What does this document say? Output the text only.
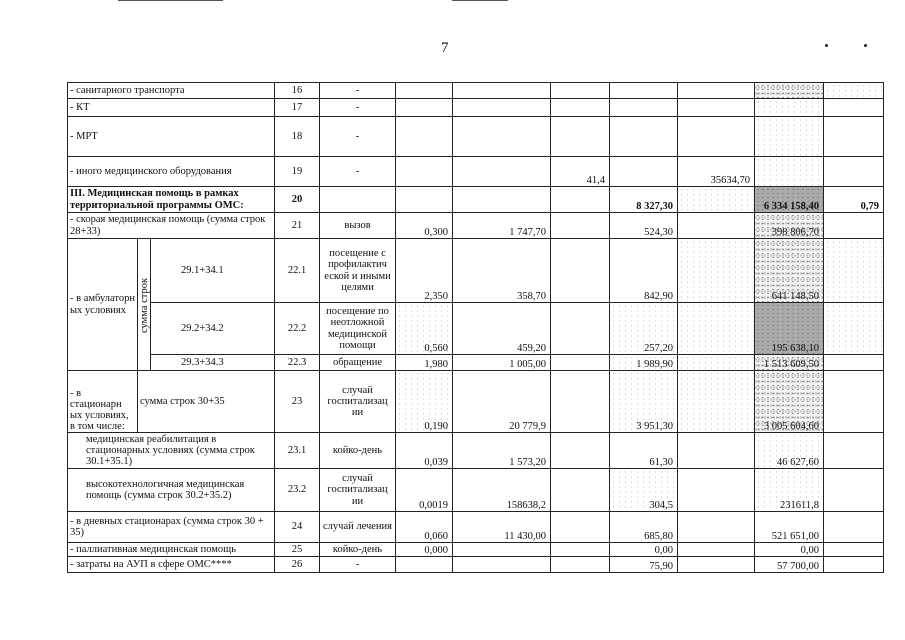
7
- санитарного транспорта			16	-							
- КТ			17	-							
- МРТ			18	-							
- иного медицинского оборудования			19	-			41,4		35634,70		
III. Медицинская помощь в рамках территориальной программы ОМС:			20					8 327,30		6 334 158,40	0,79
- скорая медицинская помощь (сумма строк 28+33)			21	вызов	0,300	1 747,70		524,30		398 806,70	
- в амбулаторн ых условиях	сумма строк	29.1+34.1	22.1	посещение с профилактич еской и иными целями	2,350	358,70		842,90		641 148,50	
		29.2+34.2	22.2	посещение по неотложной медицинской помощи	0,560	459,20		257,20		195 638,10	
		29.3+34.3	22.3	обращение	1,980	1 005,00		1 989,90		1 513 609,50	
- в стационарн ых условиях, в том числе:	сумма строк 30+35		23	случай госпитализац ии	0,190	20 779,9		3 951,30		3 005 604,60	
медицинская реабилитация в стационарных условиях (сумма строк 30.1+35.1)			23.1	койко-день	0,039	1 573,20		61,30		46 627,60	
высокотехнологичная медицинская помощь (сумма строк 30.2+35.2)			23.2	случай госпитализац ии	0,0019	158638,2		304,5		231611,8	
- в дневных стационарах (сумма строк 30 + 35)			24	случай лечения	0,060	11 430,00		685,80		521 651,00	
- паллиативная медицинская помощь			25	койко-день	0,000			0,00		0,00	
- затраты на АУП в сфере ОМС****			26	-				75,90		57 700,00	
